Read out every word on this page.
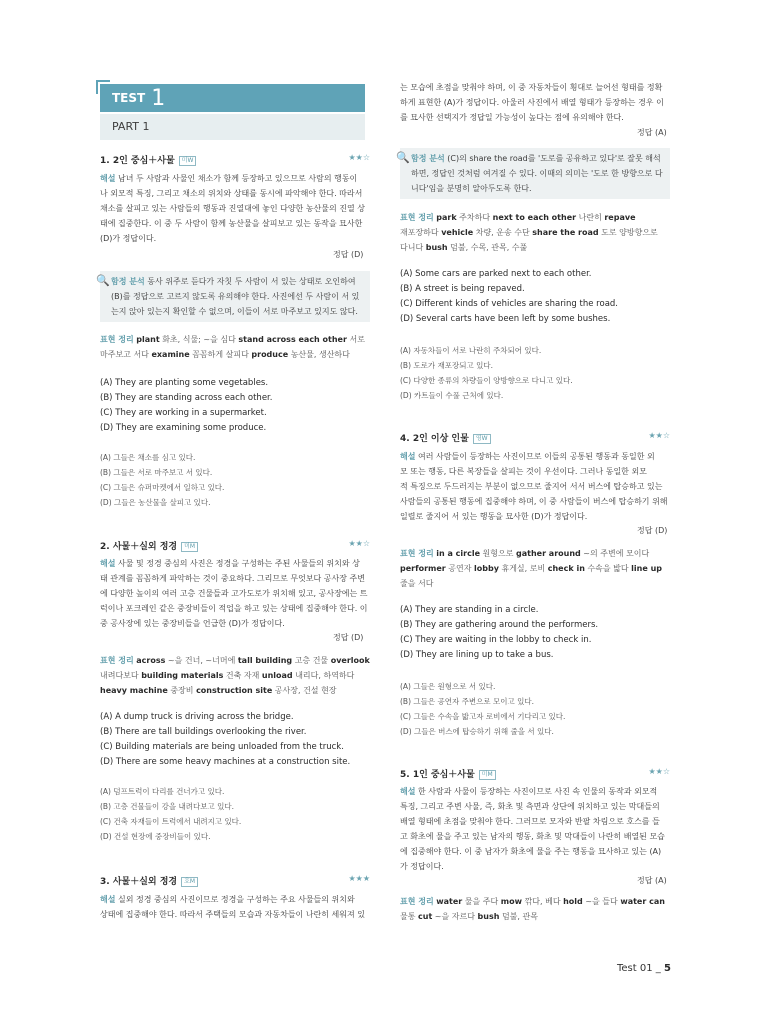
TEST 1
PART 1
1. 2인 중심＋사물 미W	★★☆
해설 남녀 두 사람과 사물인 채소가 함께 등장하고 있으므로 사람의 행동이
나 외모적 특징, 그리고 채소의 위치와 상태를 동시에 파악해야 한다. 따라서
채소를 살피고 있는 사람들의 행동과 진열대에 놓인 다양한 농산물의 진열 상
태에 집중한다. 이 중 두 사람이 함께 농산물을 살피보고 있는 동작을 묘사한
(D)가 정답이다.
정답 (D)
🔍 함정 분석 동사 위주로 듣다가 자칫 두 사람이 서 있는 상태로 오인하여
(B)를 정답으로 고르지 않도록 유의해야 한다. 사진에선 두 사람이 서 있
는지 앉아 있는지 확인할 수 없으며, 이들이 서로 마주보고 있지도 않다.
표현 정리 plant 화초, 식물; ~을 심다 stand across each other 서로 마주보고 서다 examine 꼼꼼하게 살피다 produce 농산물, 생산하다
(A) They are planting some vegetables.
(B) They are standing across each other.
(C) They are working in a supermarket.
(D) They are examining some produce.
(A) 그들은 채소를 심고 있다.
(B) 그들은 서로 마주보고 서 있다.
(C) 그들은 슈퍼마켓에서 일하고 있다.
(D) 그들은 농산물을 살피고 있다.
2. 사물＋실외 정경 미M	★★☆
해설 사물 및 정경 중심의 사진은 정경을 구성하는 주된 사물들의 위치와 상
태 관계를 꼼꼼하게 파악하는 것이 중요하다. 그리므로 무엇보다 공사장 주변
에 다양한 높이의 여러 고층 건물들과 고가도로가 위치해 있고, 공사장에는 트
럭이나 포크레인 같은 중장비들이 적업을 하고 있는 상태에 집중해야 한다. 이
중 공사장에 있는 중장비들을 언급한 (D)가 정답이다.
정답 (D)
표현 정리 across ~을 건너, ~너머에 tall building 고층 건물 overlook
내려다보다 building materials 건축 자재 unload 내리다, 하역하다
heavy machine 중장비 construction site 공사장, 건설 현장
(A) A dump truck is driving across the bridge.
(B) There are tall buildings overlooking the river.
(C) Building materials are being unloaded from the truck.
(D) There are some heavy machines at a construction site.
(A) 덤프트럭이 다리를 건너가고 있다.
(B) 고층 건물들이 강을 내려다보고 있다.
(C) 건축 자재들이 트럭에서 내려지고 있다.
(D) 건설 현장에 중장비들이 있다.
3. 사물＋실외 정경 호M	★★★
해설 실외 정경 중심의 사진이므로 정경을 구성하는 주요 사물들의 위치와
상태에 집중해야 한다. 따라서 주택들의 모습과 자동차들이 나란히 세워져 있
는 모습에 초점을 맞춰야 하며, 이 중 자동차들이 횡대로 늘어선 형태를 정확
하게 표현한 (A)가 정답이다. 아울러 사진에서 배열 형태가 등장하는 경우 이
를 묘사한 선택지가 정답일 가능성이 높다는 점에 유의해야 한다.
정답 (A)
🔍 함정 분석 (C)의 share the road를 '도로를 공유하고 있다'로 잘못 해석
하면, 정답인 것처럼 여겨질 수 있다. 이때의 의미는 '도로 한 방향으로 다
니다'임을 분명히 알아두도록 한다.
표현 정리 park 주차하다 next to each other 나란히 repave
재포장하다 vehicle 차량, 운송 수단 share the road 도로 양방향으로
다니다 bush 덤불, 수목, 관목, 수풀
(A) Some cars are parked next to each other.
(B) A street is being repaved.
(C) Different kinds of vehicles are sharing the road.
(D) Several carts have been left by some bushes.
(A) 자동차들이 서로 나란히 주차되어 있다.
(B) 도로가 재포장되고 있다.
(C) 다양한 종류의 차량들이 양방향으로 다니고 있다.
(D) 카트들이 수풀 근처에 있다.
4. 2인 이상 인물 영W	★★☆
해설 여러 사람들이 등장하는 사진이므로 이들의 공통된 행동과 동일한 외
모 또는 행동, 다른 복장들을 살피는 것이 우선이다. 그러나 동일한 외모
적 특징으로 두드러지는 부분이 없으므로 줄지어 서서 버스에 탑승하고 있는
사람들의 공통된 행동에 집중해야 하며, 이 중 사람들이 버스에 탑승하기 위해
일렬로 줄지어 서 있는 행동을 묘사한 (D)가 정답이다.
정답 (D)
표현 정리 in a circle 원형으로 gather around ~의 주변에 모이다
performer 공연자 lobby 휴게실, 로비 check in 수속을 밟다 line up
줄을 서다
(A) They are standing in a circle.
(B) They are gathering around the performers.
(C) They are waiting in the lobby to check in.
(D) They are lining up to take a bus.
(A) 그들은 원형으로 서 있다.
(B) 그들은 공연자 주변으로 모이고 있다.
(C) 그들은 수속을 밟고자 로비에서 기다리고 있다.
(D) 그들은 버스에 탑승하기 위해 줄을 서 있다.
5. 1인 중심＋사물 미M	★★☆
해설 한 사람과 사물이 등장하는 사진이므로 사진 속 인물의 동작과 외모적
특징, 그리고 주변 사물, 즉, 화초 및 측면과 상단에 위치하고 있는 막대들의
배열 형태에 초점을 맞춰야 한다. 그러므로 모자와 반팔 차림으로 호스를 들
고 화초에 물을 주고 있는 남자의 행동, 화초 및 막대들이 나란히 배열된 모습
에 집중해야 한다. 이 중 남자가 화초에 물을 주는 행동을 묘사하고 있는 (A)
가 정답이다.
정답 (A)
표현 정리 water 물을 주다 mow 깎다, 베다 hold ~을 들다 water can
물통 cut ~을 자르다 bush 덤불, 관목
Test 01 _ 5
